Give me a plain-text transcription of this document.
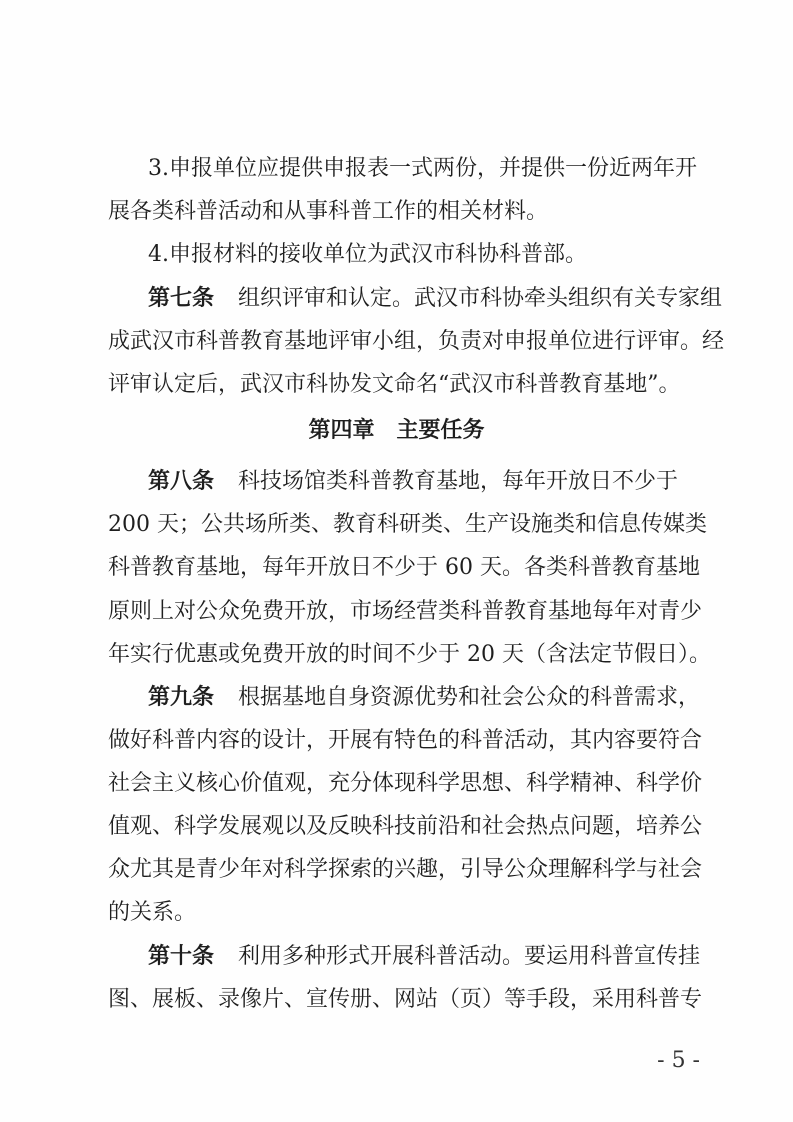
3.申报单位应提供申报表一式两份，并提供一份近两年开
展各类科普活动和从事科普工作的相关材料。
4.申报材料的接收单位为武汉市科协科普部。
第七条 组织评审和认定。武汉市科协牵头组织有关专家组
成武汉市科普教育基地评审小组，负责对申报单位进行评审。经
评审认定后，武汉市科协发文命名“武汉市科普教育基地”。
第四章　主要任务
第八条 科技场馆类科普教育基地，每年开放日不少于
200 天；公共场所类、教育科研类、生产设施类和信息传媒类
科普教育基地，每年开放日不少于 60 天。各类科普教育基地
原则上对公众免费开放，市场经营类科普教育基地每年对青少
年实行优惠或免费开放的时间不少于 20 天（含法定节假日）。
第九条 根据基地自身资源优势和社会公众的科普需求，
做好科普内容的设计，开展有特色的科普活动，其内容要符合
社会主义核心价值观，充分体现科学思想、科学精神、科学价
值观、科学发展观以及反映科技前沿和社会热点问题，培养公
众尤其是青少年对科学探索的兴趣，引导公众理解科学与社会
的关系。
第十条 利用多种形式开展科普活动。要运用科普宣传挂
图、展板、录像片、宣传册、网站（页）等手段，采用科普专
- 5 -
